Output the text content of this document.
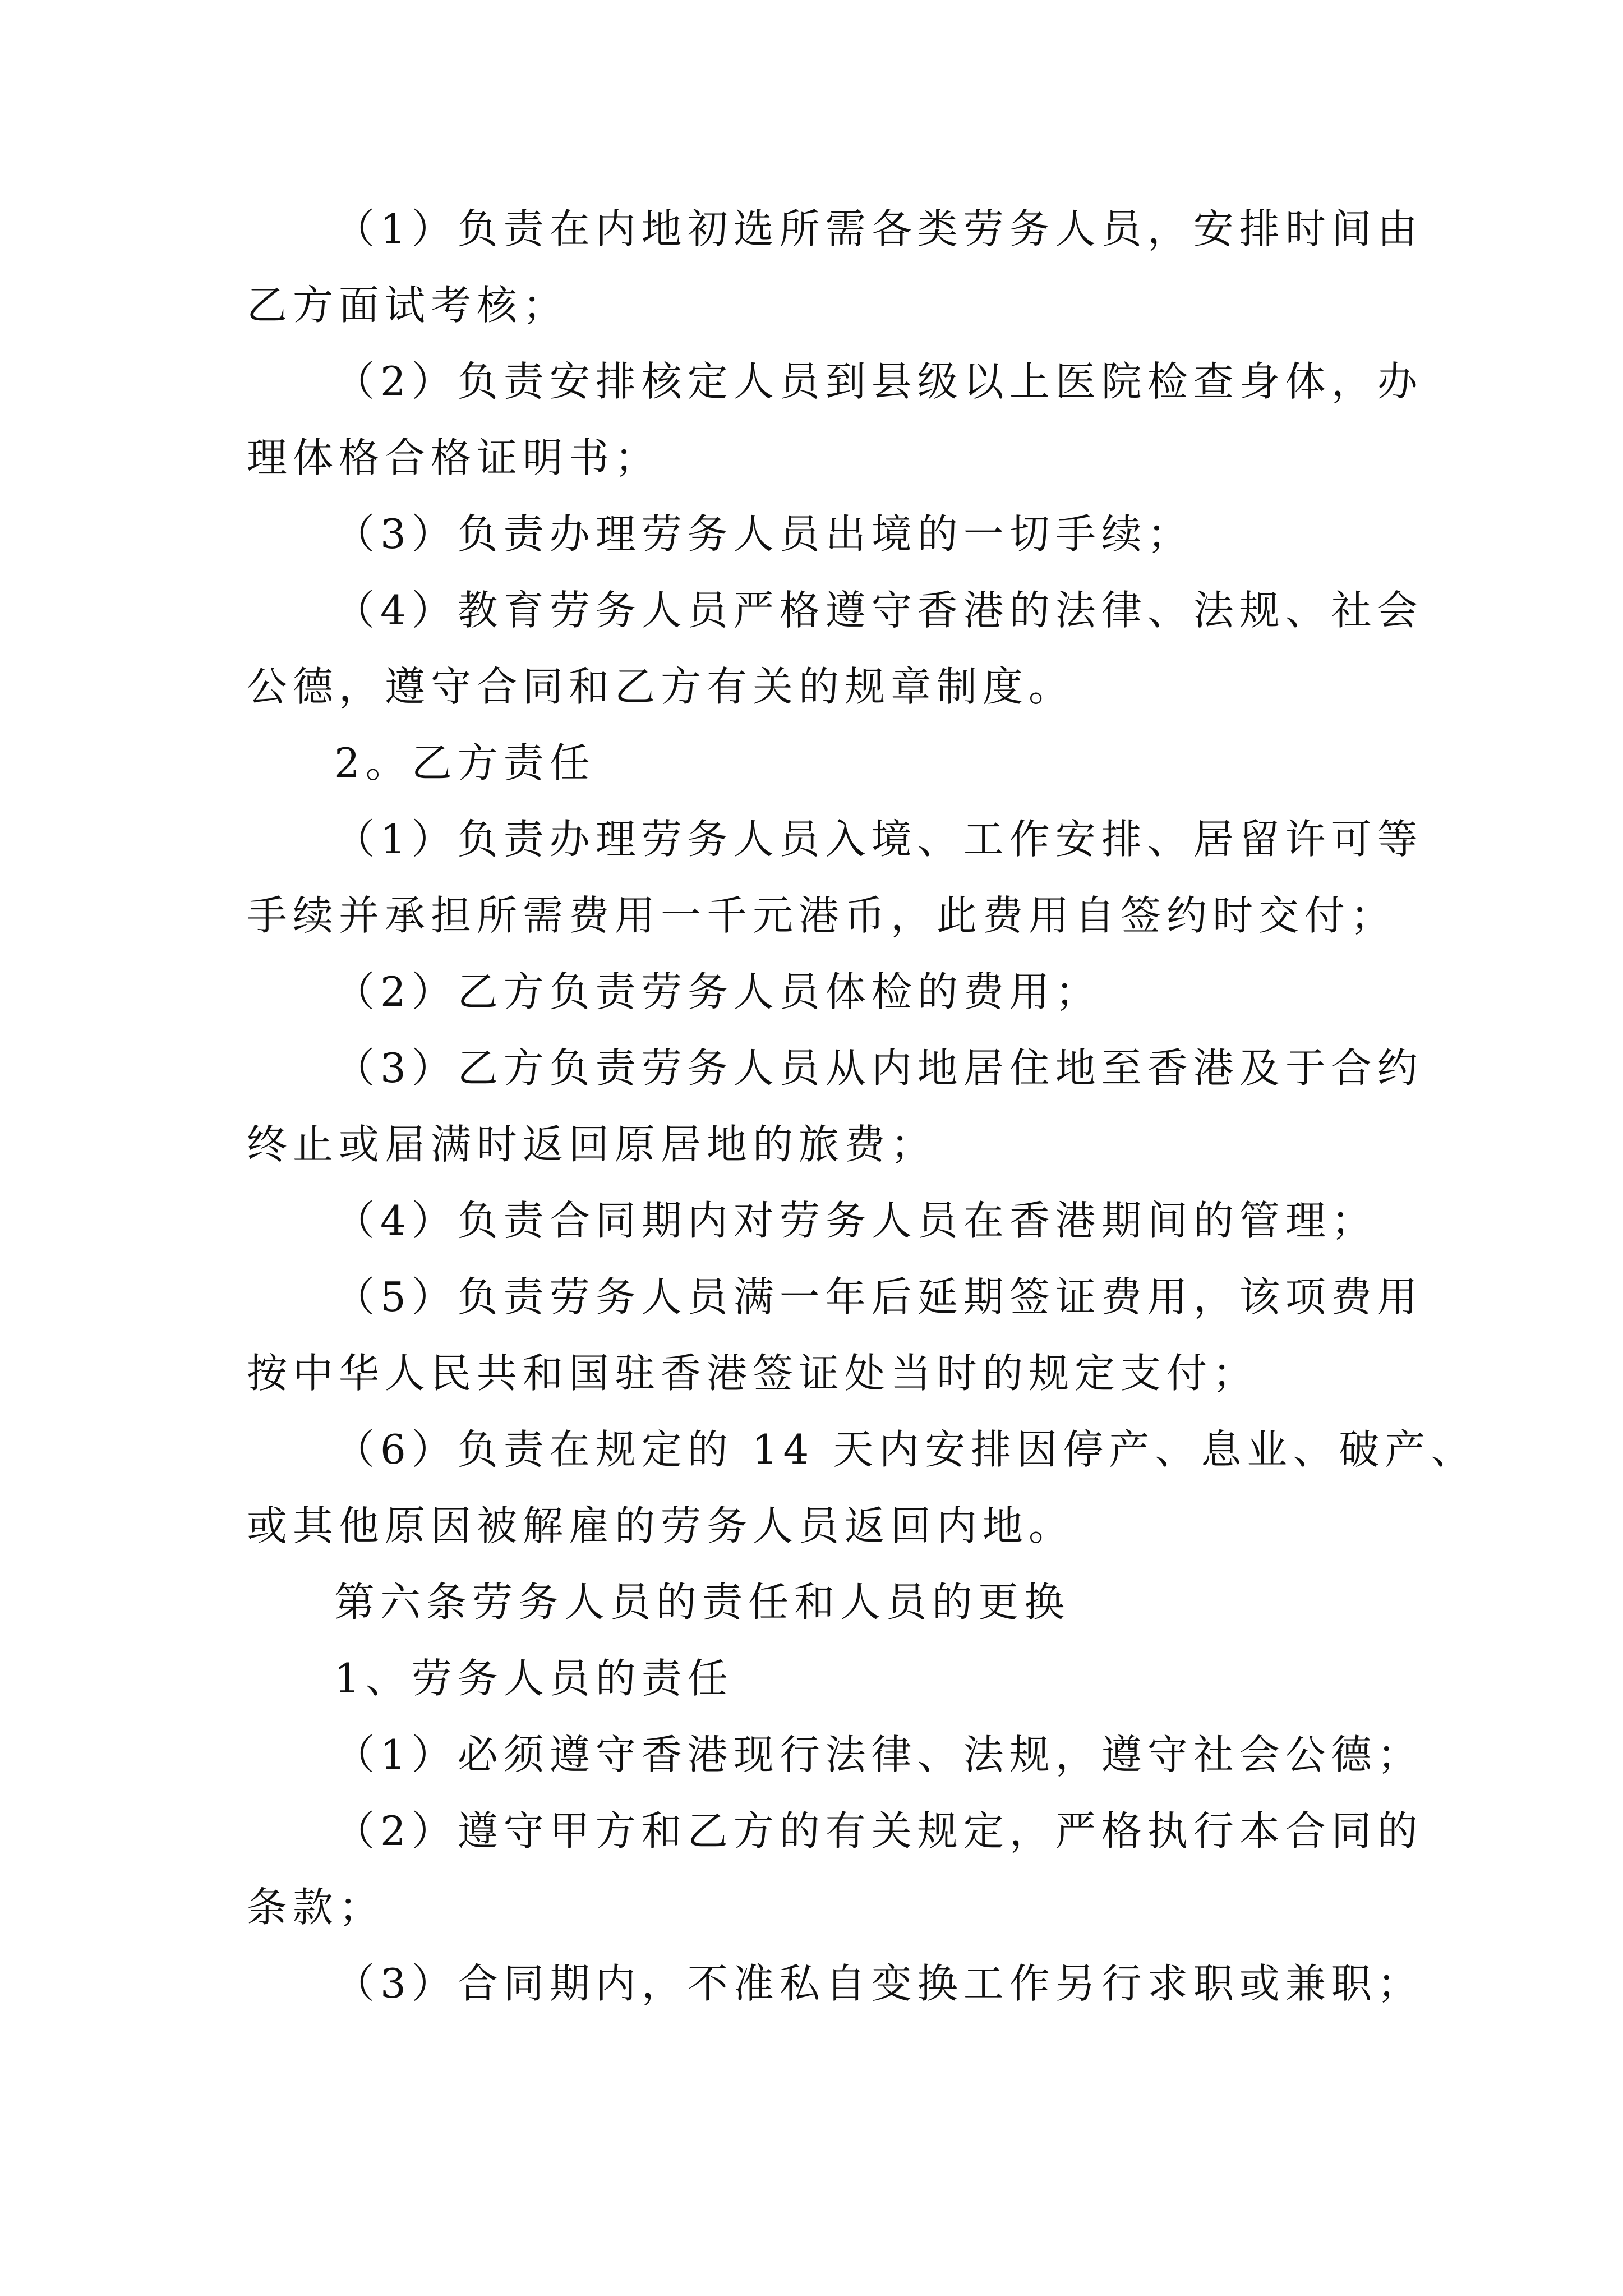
（1）负责在内地初选所需各类劳务人员，安排时间由

乙方面试考核；

（2）负责安排核定人员到县级以上医院检查身体，办

理体格合格证明书；

（3）负责办理劳务人员出境的一切手续；

（4）教育劳务人员严格遵守香港的法律、法规、社会

公德，遵守合同和乙方有关的规章制度。

2。乙方责任

（1）负责办理劳务人员入境、工作安排、居留许可等

手续并承担所需费用一千元港币，此费用自签约时交付；

（2）乙方负责劳务人员体检的费用；

（3）乙方负责劳务人员从内地居住地至香港及于合约

终止或届满时返回原居地的旅费；

（4）负责合同期内对劳务人员在香港期间的管理；

（5）负责劳务人员满一年后延期签证费用，该项费用

按中华人民共和国驻香港签证处当时的规定支付；

（6）负责在规定的 14 天内安排因停产、息业、破产、

或其他原因被解雇的劳务人员返回内地。

第六条劳务人员的责任和人员的更换

1、劳务人员的责任

（1）必须遵守香港现行法律、法规，遵守社会公德；

（2）遵守甲方和乙方的有关规定，严格执行本合同的

条款；

（3）合同期内，不准私自变换工作另行求职或兼职；
